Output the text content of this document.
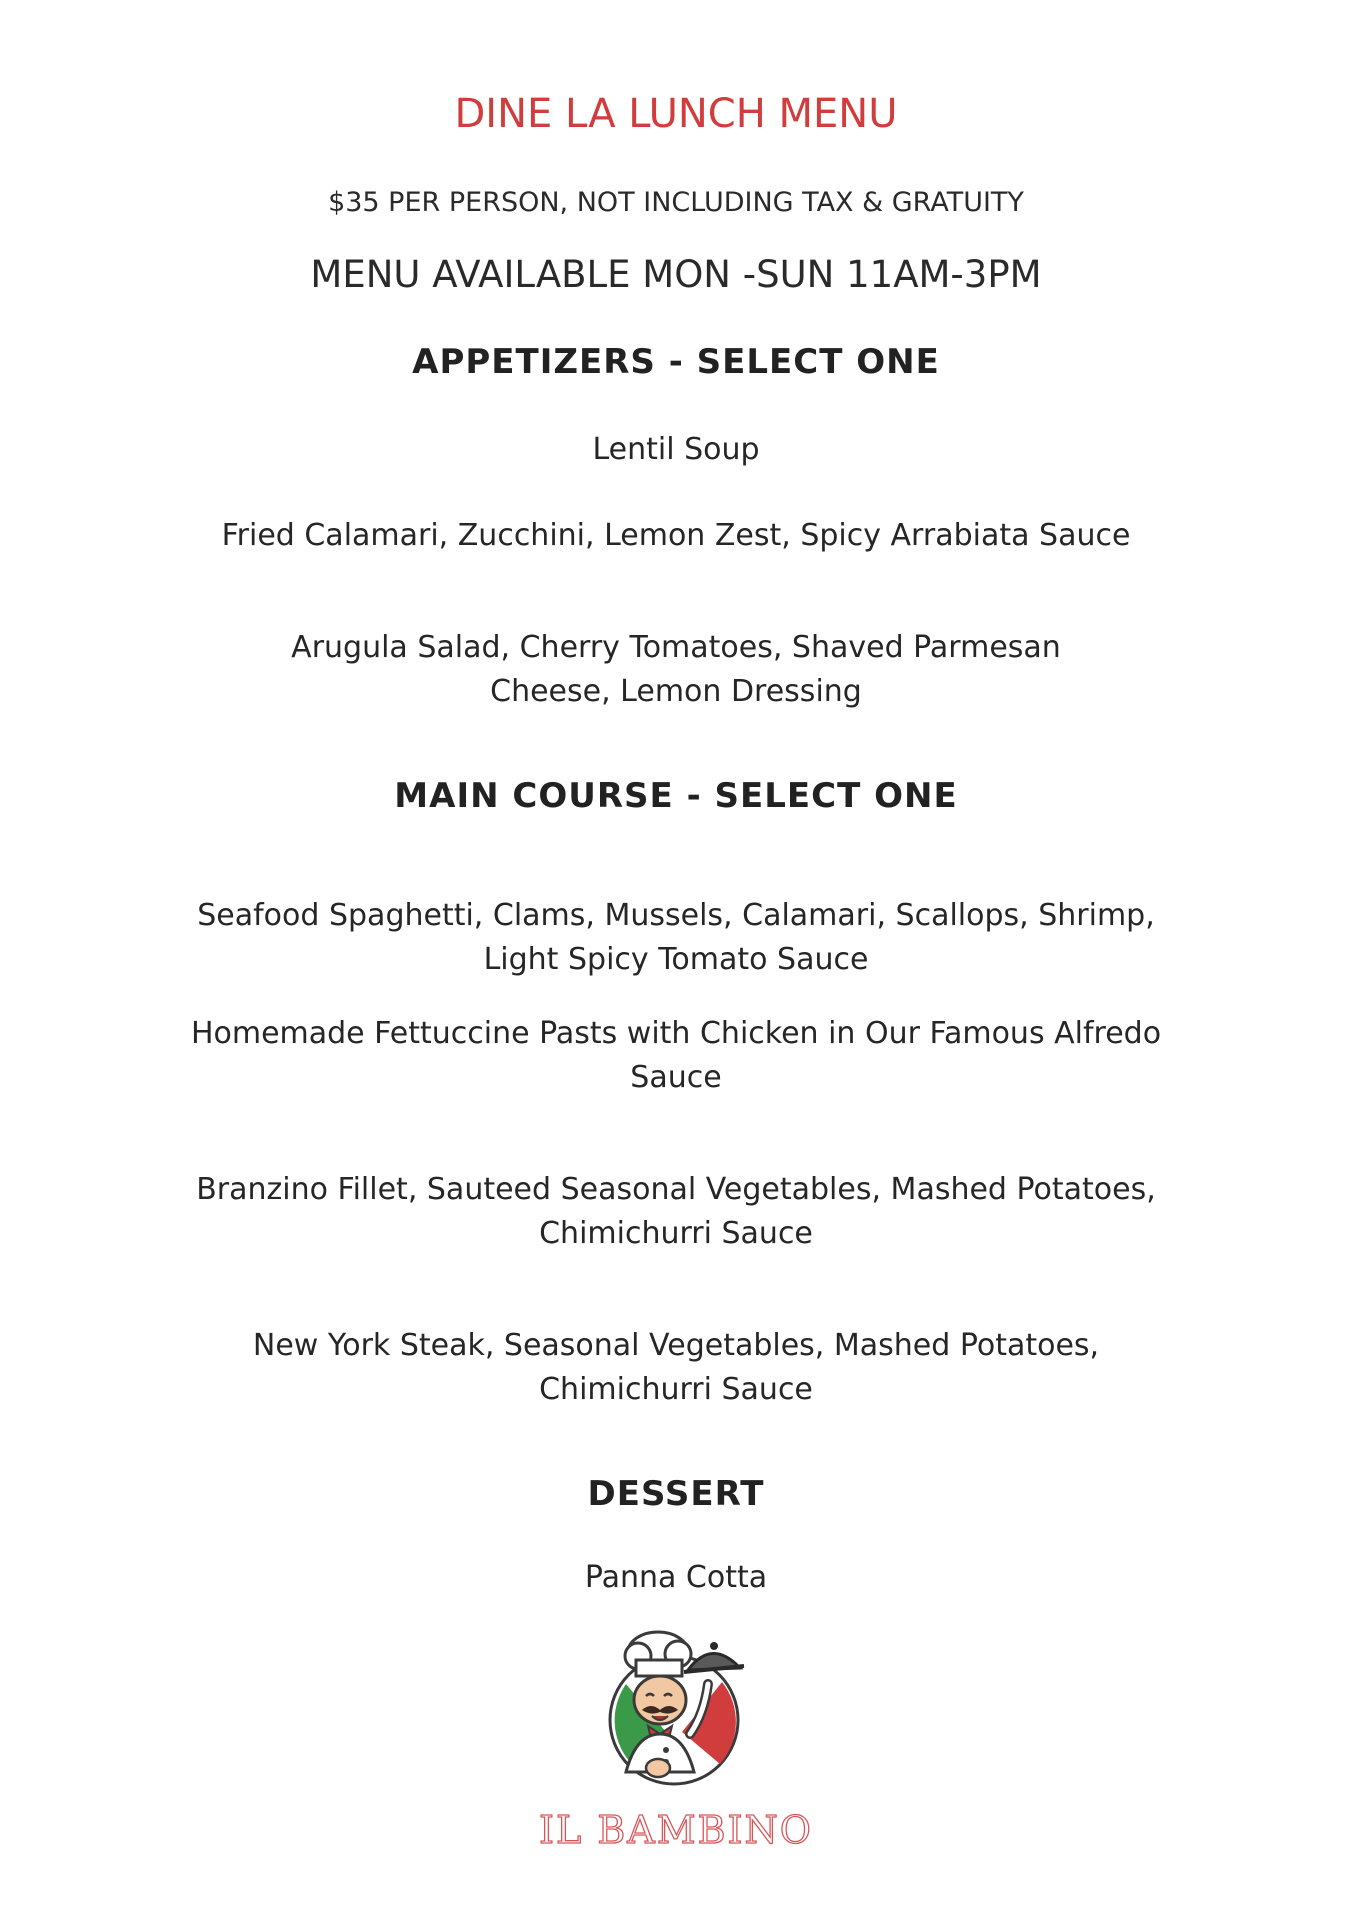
DINE LA LUNCH MENU
$35 PER PERSON, NOT INCLUDING TAX & GRATUITY
MENU AVAILABLE MON -SUN 11AM-3PM
APPETIZERS - SELECT ONE
Lentil Soup
Fried Calamari, Zucchini, Lemon Zest, Spicy Arrabiata Sauce
Arugula Salad, Cherry Tomatoes, Shaved Parmesan
Cheese, Lemon Dressing
MAIN COURSE - SELECT ONE
Seafood Spaghetti, Clams, Mussels, Calamari, Scallops, Shrimp,
Light Spicy Tomato Sauce
Homemade Fettuccine Pasts with Chicken in Our Famous Alfredo
Sauce
Branzino Fillet, Sauteed Seasonal Vegetables, Mashed Potatoes,
Chimichurri Sauce
New York Steak, Seasonal Vegetables, Mashed Potatoes,
Chimichurri Sauce
DESSERT
Panna Cotta
IL BAMBINO
